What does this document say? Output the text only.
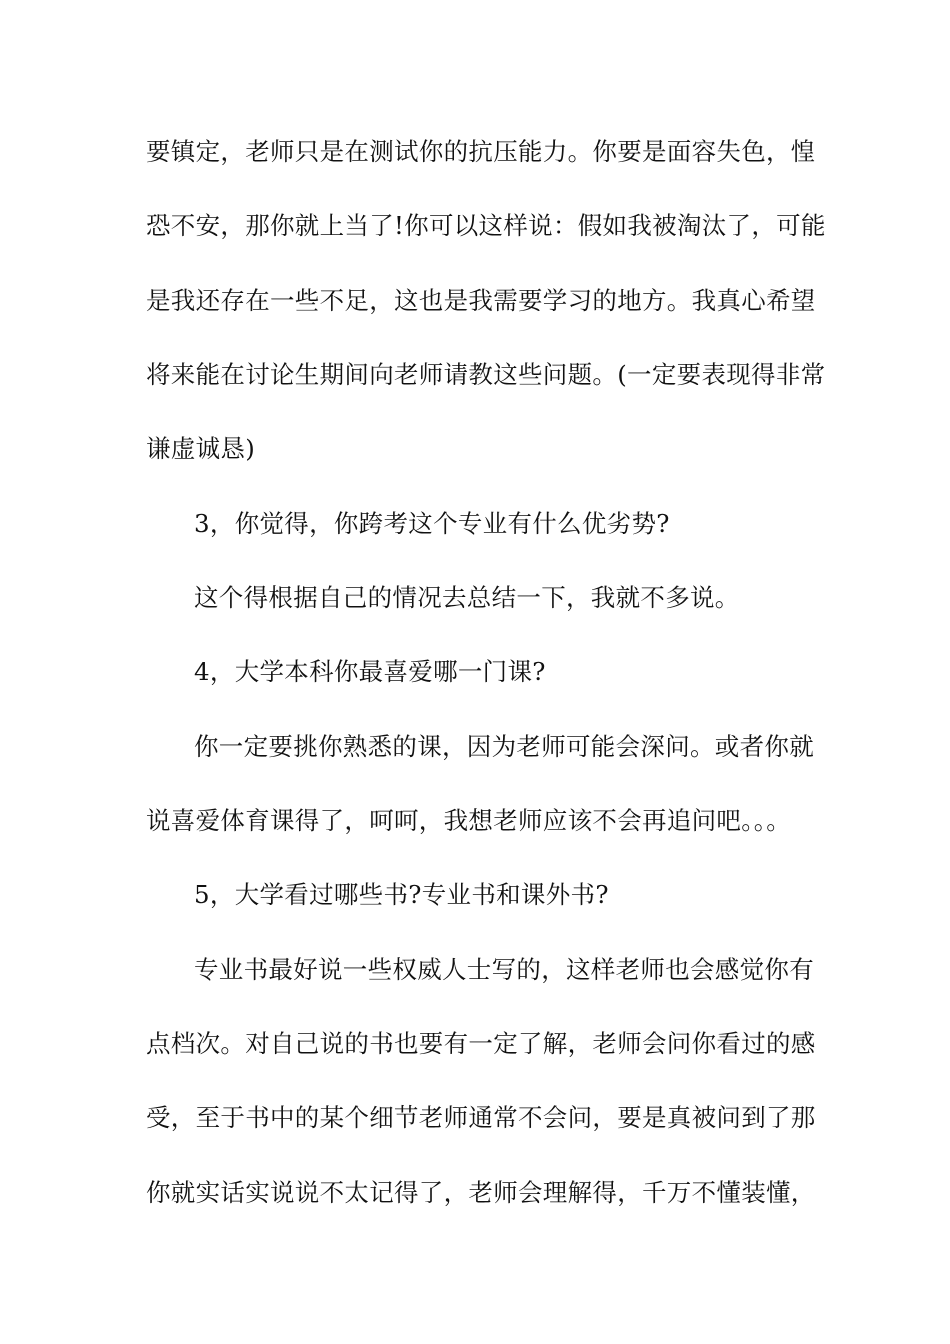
要镇定，老师只是在测试你的抗压能力。你要是面容失色，惶
恐不安，那你就上当了!你可以这样说：假如我被淘汰了，可能
是我还存在一些不足，这也是我需要学习的地方。我真心希望
将来能在讨论生期间向老师请教这些问题。(一定要表现得非常
谦虚诚恳)
3，你觉得，你跨考这个专业有什么优劣势?
这个得根据自己的情况去总结一下，我就不多说。
4，大学本科你最喜爱哪一门课?
你一定要挑你熟悉的课，因为老师可能会深问。或者你就
说喜爱体育课得了，呵呵，我想老师应该不会再追问吧。。。
5，大学看过哪些书?专业书和课外书?
专业书最好说一些权威人士写的，这样老师也会感觉你有
点档次。对自己说的书也要有一定了解，老师会问你看过的感
受，至于书中的某个细节老师通常不会问，要是真被问到了那
你就实话实说说不太记得了，老师会理解得，千万不懂装懂，
